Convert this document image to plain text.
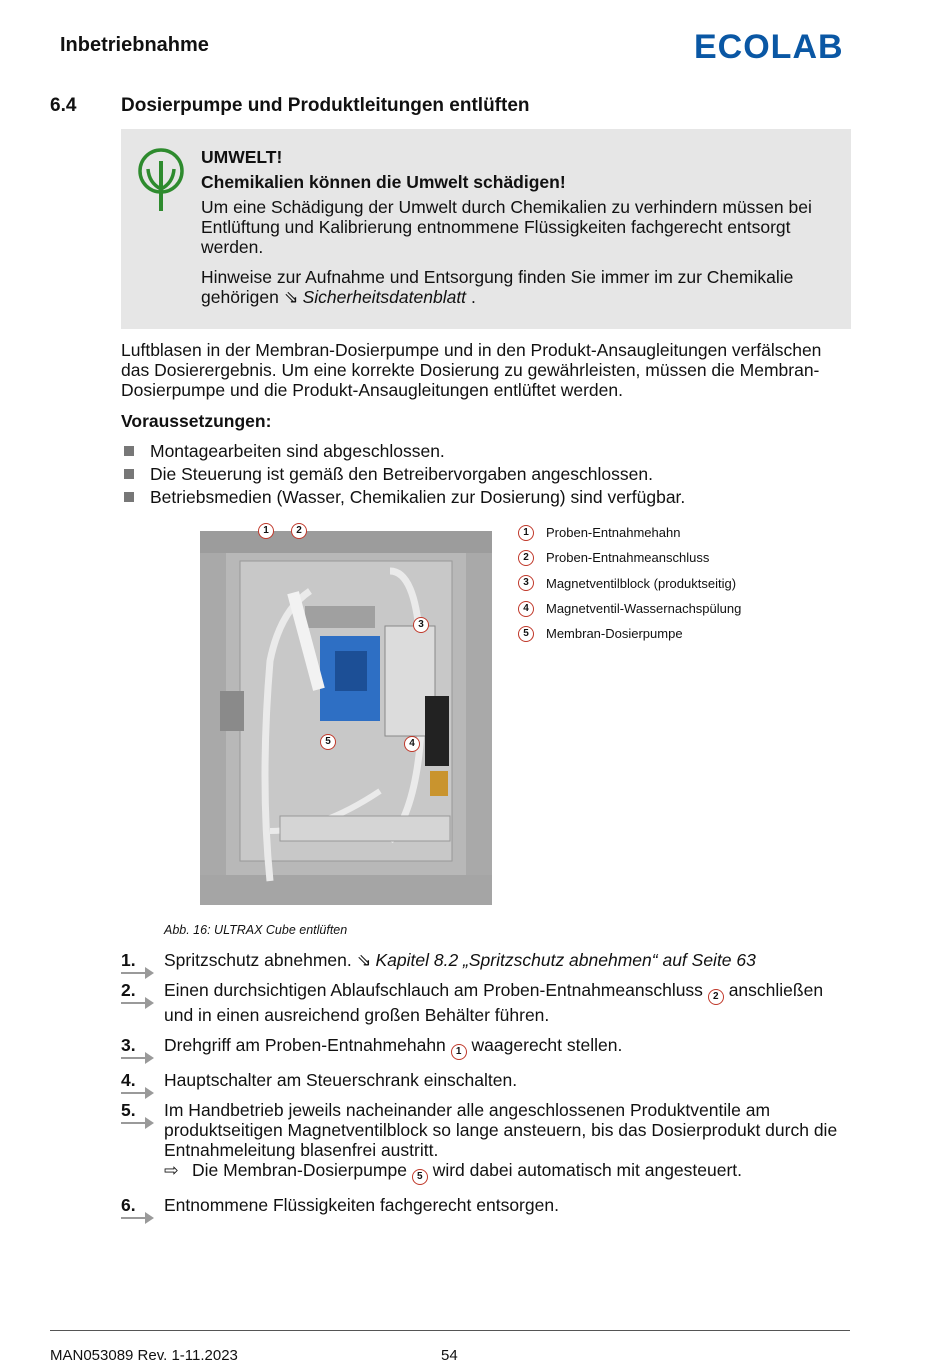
Inbetriebnahme	ECOLAB
6.4 Dosierpumpe und Produktleitungen entlüften

UMWELT!

Chemikalien können die Umwelt schädigen!

Um eine Schädigung der Umwelt durch Chemikalien zu verhindern müssen bei Entlüftung und Kalibrierung entnommene Flüssigkeiten fachgerecht entsorgt werden.

Hinweise zur Aufnahme und Entsorgung finden Sie immer im zur Chemikalie gehörigen ⇘ Sicherheitsdatenblatt .

Luftblasen in der Membran-Dosierpumpe und in den Produkt-Ansaugleitungen verfälschen das Dosierergebnis. Um eine korrekte Dosierung zu gewährleisten, müssen die Membran-Dosierpumpe und die Produkt-Ansaugleitungen entlüftet werden.
Voraussetzungen:
Montagearbeiten sind abgeschlossen.
Die Steuerung ist gemäß den Betreibervorgaben angeschlossen.
Betriebsmedien (Wasser, Chemikalien zur Dosierung) sind verfügbar.
1	2
3
4
5
1	Proben-Entnahmehahn
2	Proben-Entnahmeanschluss
3	Magnetventilblock (produktseitig)
4	Magnetventil-Wassernachspülung
5	Membran-Dosierpumpe
Abb. 16: ULTRAX Cube entlüften
1.	Spritzschutz abnehmen. ⇘ Kapitel 8.2 „Spritzschutz abnehmen“ auf Seite 63
2.	Einen durchsichtigen Ablaufschlauch am Proben-Entnahmeanschluss 2 anschließen und in einen ausreichend großen Behälter führen.
3.	Drehgriff am Proben-Entnahmehahn 1 waagerecht stellen.
4.	Hauptschalter am Steuerschrank einschalten.
5.	Im Handbetrieb jeweils nacheinander alle angeschlossenen Produktventile am produktseitigen Magnetventilblock so lange ansteuern, bis das Dosierprodukt durch die Entnahmeleitung blasenfrei austritt.
⇨ Die Membran-Dosierpumpe 5 wird dabei automatisch mit angesteuert.
6.	Entnommene Flüssigkeiten fachgerecht entsorgen.
MAN053089 Rev. 1-11.2023	54
